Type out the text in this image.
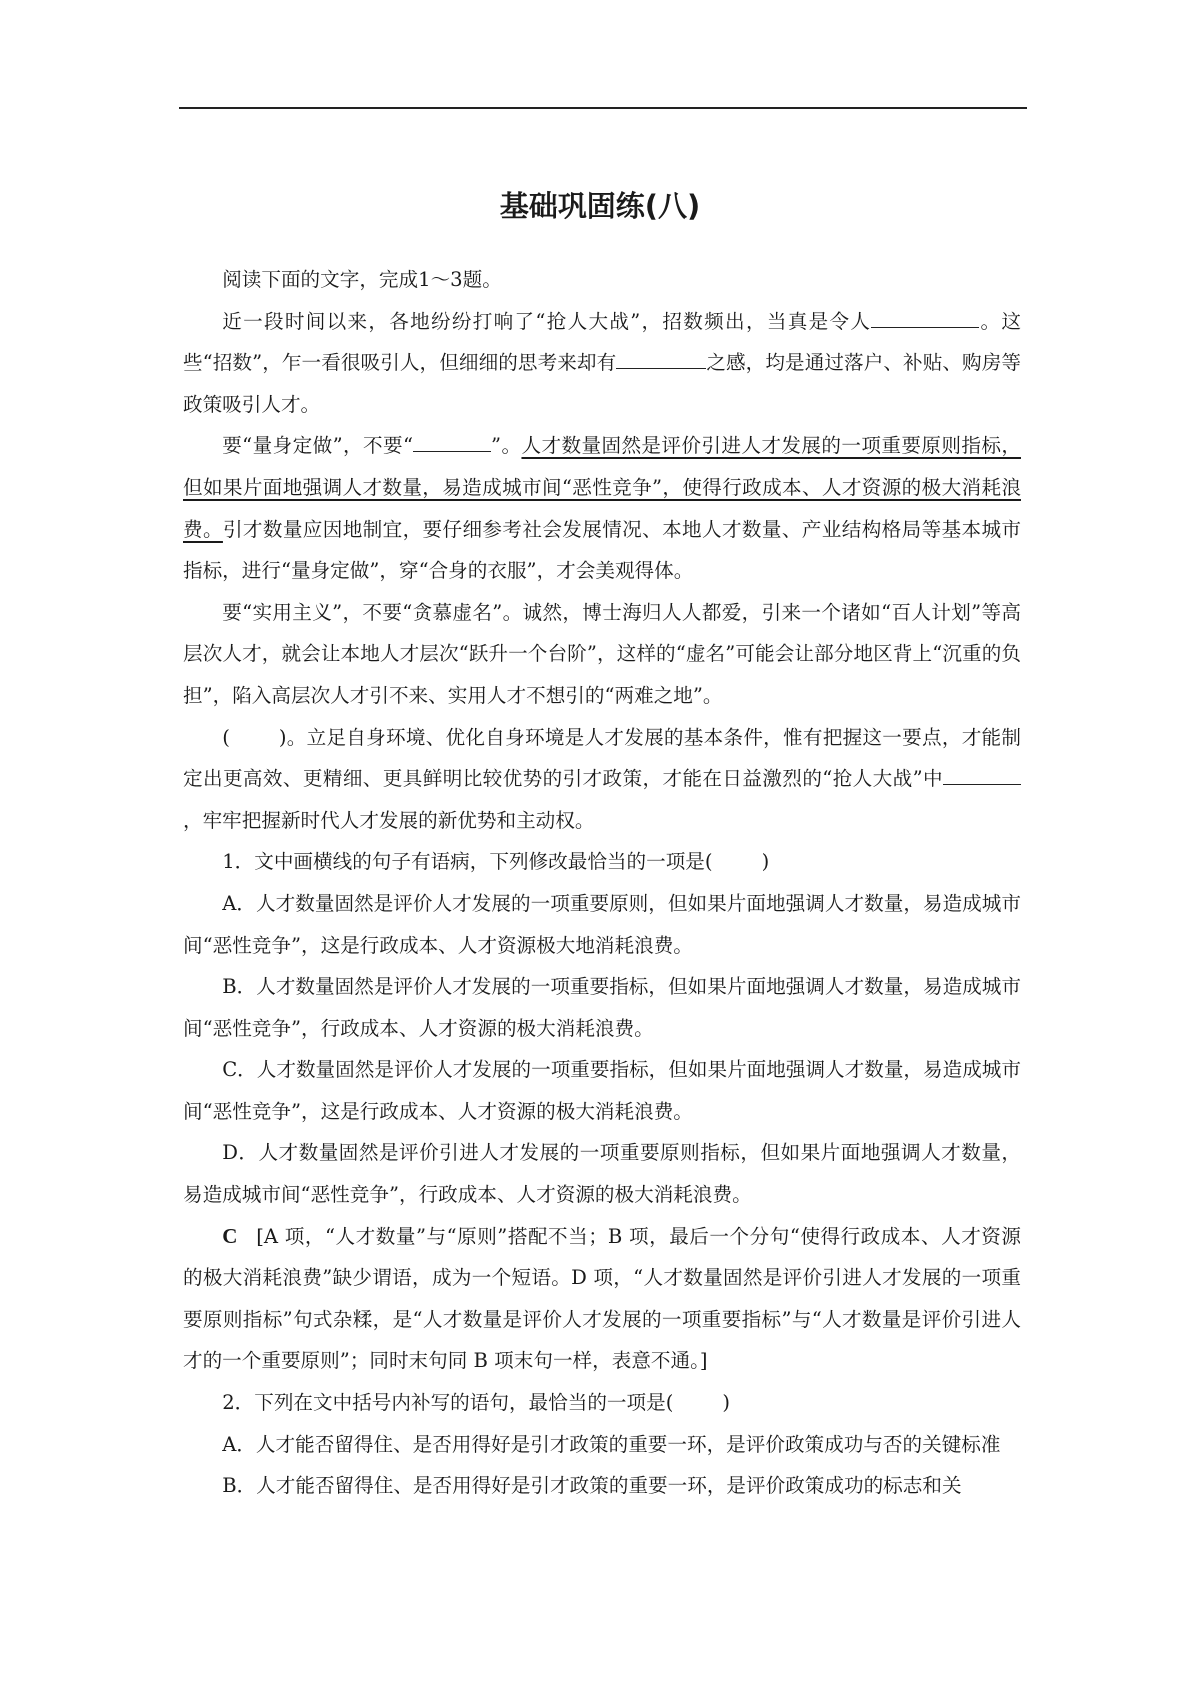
基础巩固练(八)

阅读下面的文字，完成1～3题。

近一段时间以来，各地纷纷打响了“抢人大战”，招数频出，当真是令人	。这些“招数”，乍一看很吸引人，但细细的思考来却有	之感，均是通过落户、补贴、购房等政策吸引人才。

要“量身定做”，不要“	”。人才数量固然是评价引进人才发展的一项重要原则指标，但如果片面地强调人才数量，易造成城市间“恶性竞争”，使得行政成本、人才资源的极大消耗浪费。引才数量应因地制宜，要仔细参考社会发展情况、本地人才数量、产业结构格局等基本城市指标，进行“量身定做”，穿“合身的衣服”，才会美观得体。

要“实用主义”，不要“贪慕虚名”。诚然，博士海归人人都爱，引来一个诸如“百人计划”等高层次人才，就会让本地人才层次“跃升一个台阶”，这样的“虚名”可能会让部分地区背上“沉重的负担”，陷入高层次人才引不来、实用人才不想引的“两难之地”。

(	)。立足自身环境、优化自身环境是人才发展的基本条件，惟有把握这一要点，才能制定出更高效、更精细、更具鲜明比较优势的引才政策，才能在日益激烈的“抢人大战”中，牢牢把握新时代人才发展的新优势和主动权。

1．文中画横线的句子有语病，下列修改最恰当的一项是(	)

A．人才数量固然是评价人才发展的一项重要原则，但如果片面地强调人才数量，易造成城市间“恶性竞争”，这是行政成本、人才资源极大地消耗浪费。

B．人才数量固然是评价人才发展的一项重要指标，但如果片面地强调人才数量，易造成城市间“恶性竞争”，行政成本、人才资源的极大消耗浪费。

C．人才数量固然是评价人才发展的一项重要指标，但如果片面地强调人才数量，易造成城市间“恶性竞争”，这是行政成本、人才资源的极大消耗浪费。

D．人才数量固然是评价引进人才发展的一项重要原则指标，但如果片面地强调人才数量，易造成城市间“恶性竞争”，行政成本、人才资源的极大消耗浪费。

C [A 项，“人才数量”与“原则”搭配不当；B 项，最后一个分句“使得行政成本、人才资源的极大消耗浪费”缺少谓语，成为一个短语。D 项，“人才数量固然是评价引进人才发展的一项重要原则指标”句式杂糅，是“人才数量是评价人才发展的一项重要指标”与“人才数量是评价引进人才的一个重要原则”；同时末句同 B 项末句一样，表意不通。]

2．下列在文中括号内补写的语句，最恰当的一项是(	)

A．人才能否留得住、是否用得好是引才政策的重要一环，是评价政策成功与否的关键标准

B．人才能否留得住、是否用得好是引才政策的重要一环，是评价政策成功的标志和关
